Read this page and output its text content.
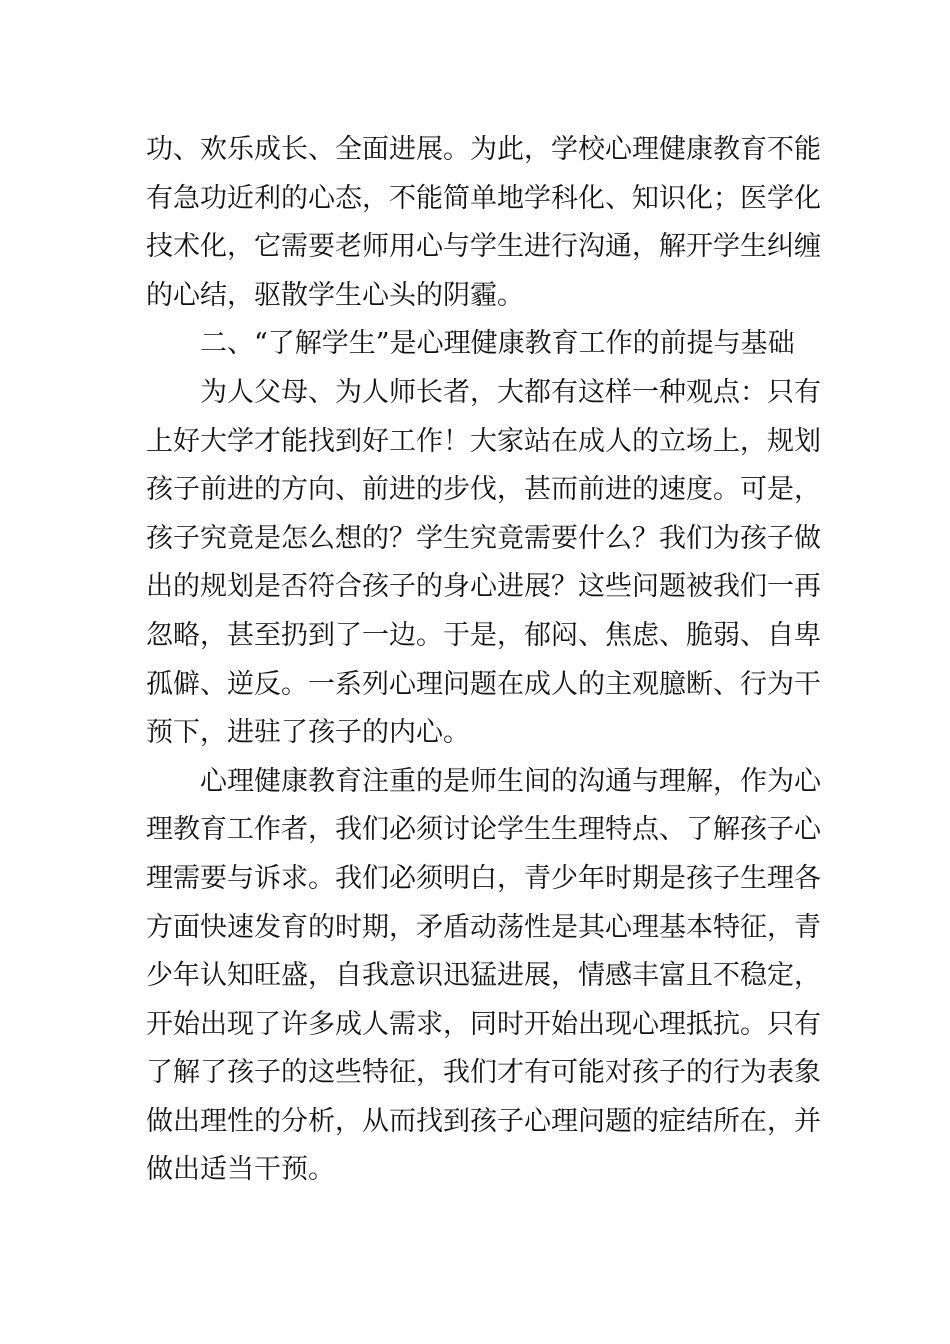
功、欢乐成长、全面进展。为此，学校心理健康教育不能
有急功近利的心态，不能简单地学科化、知识化；医学化
技术化，它需要老师用心与学生进行沟通，解开学生纠缠
的心结，驱散学生心头的阴霾。
二、“了解学生”是心理健康教育工作的前提与基础
为人父母、为人师长者，大都有这样一种观点：只有
上好大学才能找到好工作！大家站在成人的立场上，规划
孩子前进的方向、前进的步伐，甚而前进的速度。可是，
孩子究竟是怎么想的？学生究竟需要什么？我们为孩子做
出的规划是否符合孩子的身心进展？这些问题被我们一再
忽略，甚至扔到了一边。于是，郁闷、焦虑、脆弱、自卑
孤僻、逆反。一系列心理问题在成人的主观臆断、行为干
预下，进驻了孩子的内心。
心理健康教育注重的是师生间的沟通与理解，作为心
理教育工作者，我们必须讨论学生生理特点、了解孩子心
理需要与诉求。我们必须明白，青少年时期是孩子生理各
方面快速发育的时期，矛盾动荡性是其心理基本特征，青
少年认知旺盛，自我意识迅猛进展，情感丰富且不稳定，
开始出现了许多成人需求，同时开始出现心理抵抗。只有
了解了孩子的这些特征，我们才有可能对孩子的行为表象
做出理性的分析，从而找到孩子心理问题的症结所在，并
做出适当干预。
